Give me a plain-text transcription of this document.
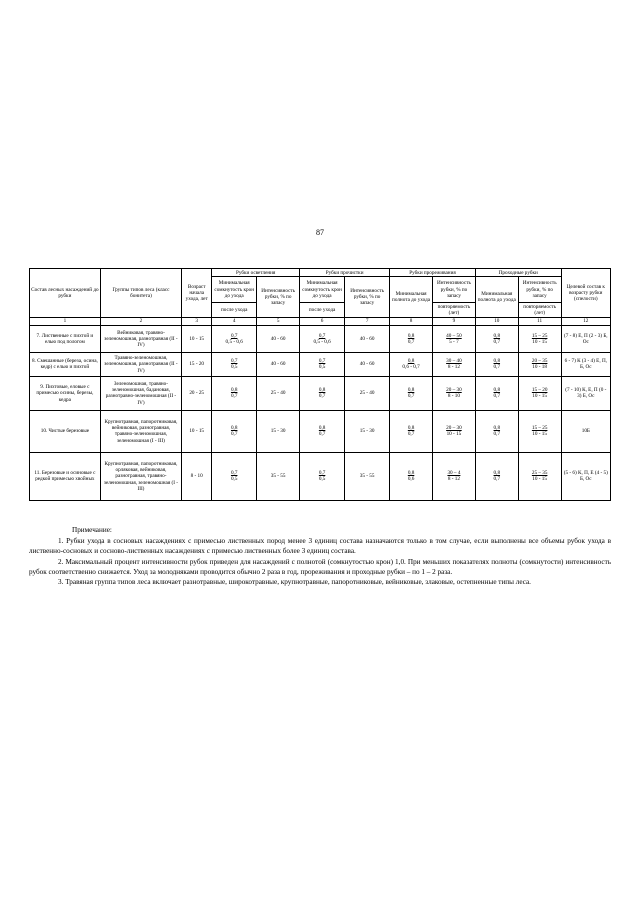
87
Состав лесных насаждений до рубки	Группы типов леса (класс бонитета)	Возраст начала ухода, лет	Рубки осветления		Рубки прочистки		Рубки прореживания		Проходные рубки		Целевой состав к возрасту рубки (спелости)
			Минимальная сомкнутость крон до ухода	Интенсивность рубки, % по запасу	Минимальная сомкнутость крон до ухода	Интенсивность рубки, % по запасу	Минимальная полнота до ухода	Интенсивность рубки, % по запасу	Минимальная полнота до ухода	Интенсивность рубки, % по запасу	
			после ухода		после ухода			повторяемость (лет)		повторяемость (лет)	
1	2	3	4	5	6	7	8	9	10	11	12
7. Лиственные с пихтой и елью под пологом	Вейниковая, травяно-зеленомошная, разнотравная (II - IV)	10 - 15	$\frac{0,7}{0,5 - 0,6}$	40 - 60	$\frac{0,7}{0,5 - 0,6}$	40 - 60	$\frac{0,8}{0,7}$	$\frac{40 - 50}{5 - 7}$	$\frac{0,8}{0,7}$	$\frac{15 - 25}{10 - 15}$	(7 - 8) Е, П (2 - 3) Б, Ос
8. Смешанные (береза, осина, кедр) с елью и пихтой	Травяно-зеленомошная, зеленомошная, разнотравная (II - IV)	15 - 20	$\frac{0,7}{0,5}$	40 - 60	$\frac{0,7}{0,5}$	40 - 60	$\frac{0,8}{0,6 - 0,7}$	$\frac{30 - 40}{8 - 12}$	$\frac{0,8}{0,7}$	$\frac{20 - 35}{10 - 18}$	6 - 7) К (3 - 4) Е, П, Б, Ос
9. Пихтовые, еловые с примесью осины, березы, кедра	Зеленомошная, травяно-зеленомошная, бадановая, разнотравно-зеленомошная (II - IV)	20 - 25	$\frac{0,8}{0,7}$	25 - 40	$\frac{0,8}{0,7}$	25 - 40	$\frac{0,8}{0,7}$	$\frac{20 - 30}{8 - 10}$	$\frac{0,8}{0,7}$	$\frac{15 - 20}{10 - 15}$	(7 - 10) К, Е, П (0 - 3) Б, Ос
10. Чистые березовые	Крупнотравная, папоротниковая, вейниковая, разнотравная, травяно-зеленомошная, зеленомошная (I - III)	10 - 15	$\frac{0,8}{0,7}$	15 - 30	$\frac{0,8}{0,7}$	15 - 30	$\frac{0,8}{0,7}$	$\frac{20 - 30}{10 - 15}$	$\frac{0,8}{0,7}$	$\frac{15 - 25}{10 - 15}$	10Б
11. Березовые и осиновые с редкой примесью хвойных	Крупнотравная, папоротниковая, орляковая, вейниковая, разнотравная, травяно-зеленомошная, зеленомошная (I - III)	8 - 10	$\frac{0,7}{0,5}$	35 - 55	$\frac{0,7}{0,5}$	35 - 55	$\frac{0,8}{0,6}$	$\frac{30 - 4}{8 - 12}$	$\frac{0,8}{0,7}$	$\frac{25 - 35}{10 - 15}$	(5 - 6) К, П, Е (4 - 5) Б, Ос

Примечание:

1. Рубки ухода в сосновых насаждениях с примесью лиственных пород менее 3 единиц состава назначаются только в том случае, если выполнены все объемы рубок ухода в лиственно-сосновых и сосново-лиственных насаждениях с примесью лиственных более 3 единиц состава.

2. Максимальный процент интенсивности рубок приведен для насаждений с полнотой (сомкнутостью крон) 1,0. При меньших показателях полноты (сомкнутости) интенсивность рубок соответственно снижается. Уход за молодняками проводится обычно 2 раза в год, прореживания и проходные рубки – по 1 – 2 раза.

3. Травяная группа типов леса включает разнотравные, широкотравные, крупнотравные, папоротниковые, вейниковые, злаковые, остепненные типы леса.
